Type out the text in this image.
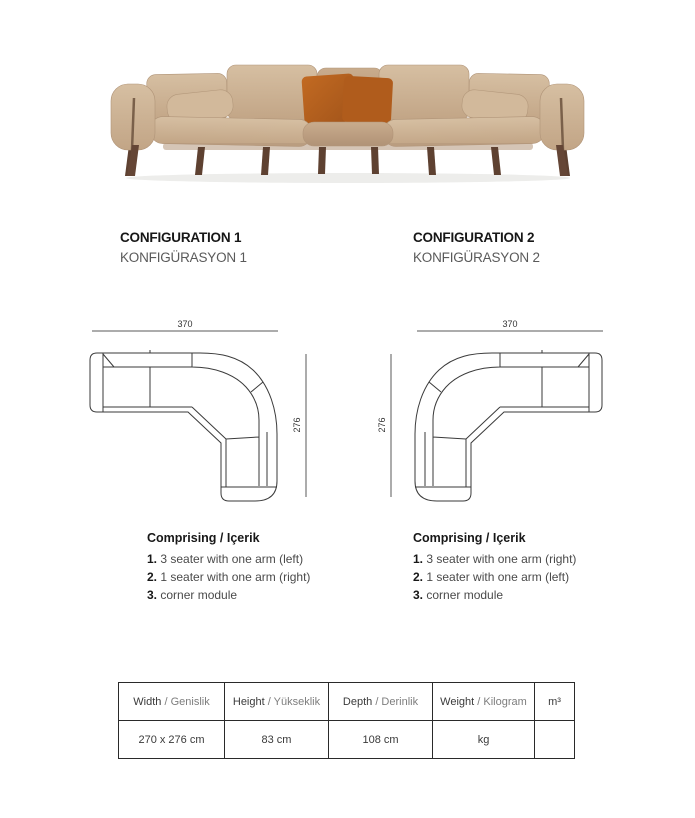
CONFIGURATION 1
KONFIGÜRASYON 1
CONFIGURATION 2
KONFIGÜRASYON 2
370
276
370
276

Comprising / Içerik

1. 3 seater with one arm (left)
2. 1 seater with one arm (right)
3. corner module

Comprising / Içerik

1. 3 seater with one arm (right)
2. 1 seater with one arm (left)
3. corner module
Width / Genislik	Height / Yükseklik	Depth / Derinlik	Weight / Kilogram	m³
270 x 276 cm	83 cm	108 cm	kg	
